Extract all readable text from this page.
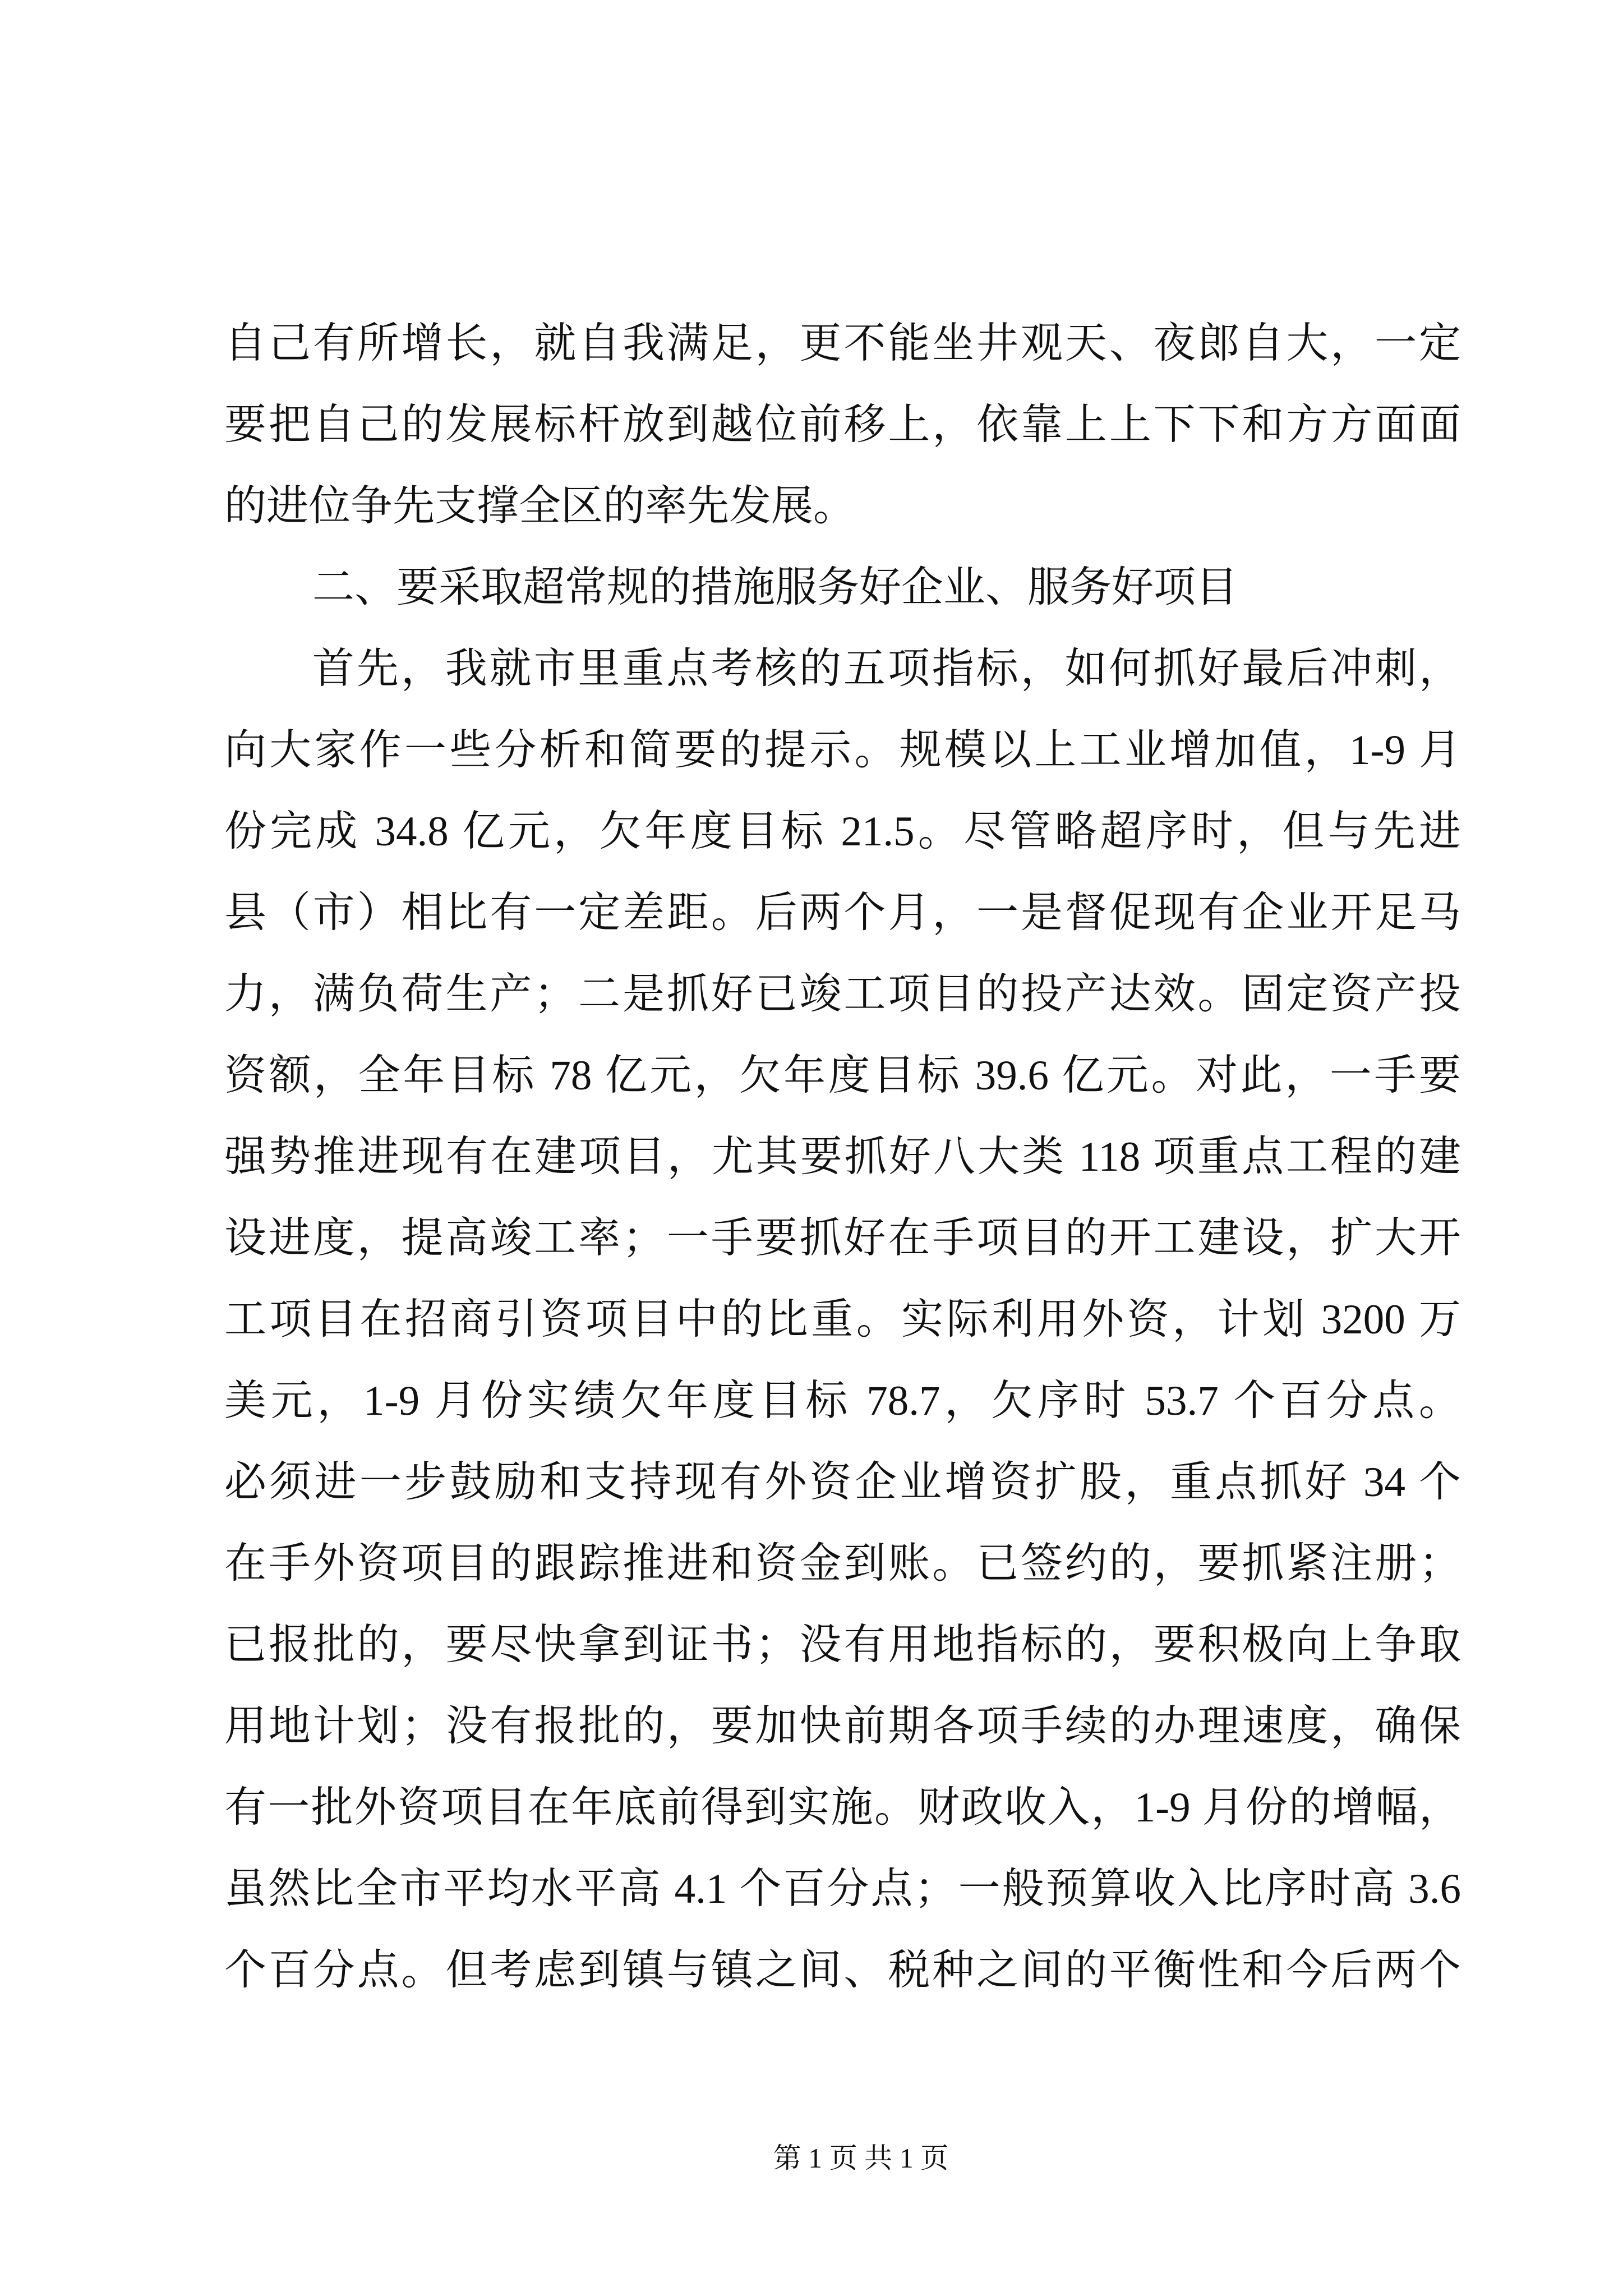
自己有所增长，就自我满足，更不能坐井观天、夜郎自大，一定
要把自己的发展标杆放到越位前移上，依靠上上下下和方方面面
的进位争先支撑全区的率先发展。
二、要采取超常规的措施服务好企业、服务好项目
首先，我就市里重点考核的五项指标，如何抓好最后冲刺，
向大家作一些分析和简要的提示。规模以上工业增加值，1-9 月
份完成 34.8 亿元，欠年度目标 21.5。尽管略超序时，但与先进
县（市）相比有一定差距。后两个月，一是督促现有企业开足马
力，满负荷生产；二是抓好已竣工项目的投产达效。固定资产投
资额，全年目标 78 亿元，欠年度目标 39.6 亿元。对此，一手要
强势推进现有在建项目，尤其要抓好八大类 118 项重点工程的建
设进度，提高竣工率；一手要抓好在手项目的开工建设，扩大开
工项目在招商引资项目中的比重。实际利用外资，计划 3200 万
美元，1-9 月份实绩欠年度目标 78.7，欠序时 53.7 个百分点。
必须进一步鼓励和支持现有外资企业增资扩股，重点抓好 34 个
在手外资项目的跟踪推进和资金到账。已签约的，要抓紧注册；
已报批的，要尽快拿到证书；没有用地指标的，要积极向上争取
用地计划；没有报批的，要加快前期各项手续的办理速度，确保
有一批外资项目在年底前得到实施。财政收入，1-9 月份的增幅，
虽然比全市平均水平高 4.1 个百分点；一般预算收入比序时高 3.6
个百分点。但考虑到镇与镇之间、税种之间的平衡性和今后两个
第 1 页 共 1 页
